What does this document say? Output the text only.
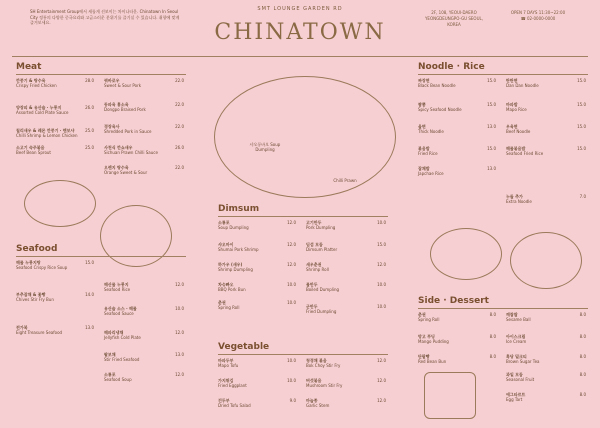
SMT LOUNGE GARDEN RD
CHINATOWN
SH Entertainment Group에서 새롭게 선보이는 차이나타운. Chinatown In Seoul City 정통의 다양한 중국요리와 고급스러운 분위기를 즐기실 수 있습니다. 취향에 맞게 즐겨보세요.
2F, 108, YEOUI-DAERO YEONGDEUNGPO-GU SEOUL, KOREA
OPEN 7 DAYS 11:30~22:00 ☎ 02-0000-0000
Meat
깐풍기 & 탕수육
Crispy Fried Chicken
28.0
양장피 & 유산슬 · 누룽지
Assorted Cold Plate Sauce
26.0
칠리새우 & 레몬 깐풍기 · 멘보샤
Chilli Shrimp & Lemon Chicken
25.0
소고기 숙주볶음
Beef Bean Sprout
25.0
꿔바로우
Sweet & Sour Pork
22.0
동파육 홍소육
Dongpo Braised Pork
22.0
경장육사
Shredded Pork in Sauce
22.0
사천식 깐쇼새우
Sichuan Prawn Chilli Sauce
26.0
오렌지 탕수육
Orange Sweet & Sour
22.0
Seafood
해물 누룽지탕
Seafood Crispy Rice Soup
15.0
부추잡채 & 꽃빵
Chives Stir Fry Bun
14.0
전가복
Eight Treasure Seafood
13.0
해산물 누룽지
Seafood Rice
12.0
유산슬 소스 · 해물
Seafood Sauce
10.0
해파리냉채
Jellyfish Cold Plate
12.0
팔보채
Stir Fried Seafood
13.0
소룡포
Seafood Soup
12.0
샤오룽바오 Soup Dumpling
Chilli Prawn
Dimsum
소룡포
Soup Dumpling
12.0
샤오마이
Shumai Pork Shrimp
12.0
하가우 (새우)
Shrimp Dumpling
12.0
차슈빠오
BBQ Pork Bun
10.0
춘권
Spring Roll
10.0
고기만두
Pork Dumpling
10.0
딤섬 모듬
Dimsum Platter
15.0
새우춘권
Shrimp Roll
12.0
물만두
Boiled Dumpling
10.0
군만두
Fried Dumpling
10.0
Vegetable
마파두부
Mapo Tofu
10.0
가지튀김
Fried Eggplant
10.0
건두부
Dried Tofu Salad
9.0
청경채 볶음
Bok Choy Stir Fry
12.0
버섯볶음
Mushroom Stir Fry
12.0
마늘종
Garlic Stem
12.0
Noodle · Rice
짜장면
Black Bean Noodle
15.0
짬뽕
Spicy Seafood Noodle
15.0
울면
Thick Noodle
13.0
볶음밥
Fried Rice
15.0
잡채밥
Japchae Rice
13.0
탄탄면
Dan Dan Noodle
15.0
마파밥
Mapo Rice
15.0
우육면
Beef Noodle
15.0
해물볶음밥
Seafood Fried Rice
15.0
누들 추가
Extra Noodle
7.0
Side · Dessert
춘권
Spring Roll
8.0
망고 푸딩
Mango Pudding
8.0
단팥빵
Red Bean Bun
8.0
깨찹쌀
Sesame Ball
8.0
아이스크림
Ice Cream
8.0
흑당 밀크티
Brown Sugar Tea
8.0
과일 모듬
Seasonal Fruit
8.0
에그타르트
Egg Tart
8.0
